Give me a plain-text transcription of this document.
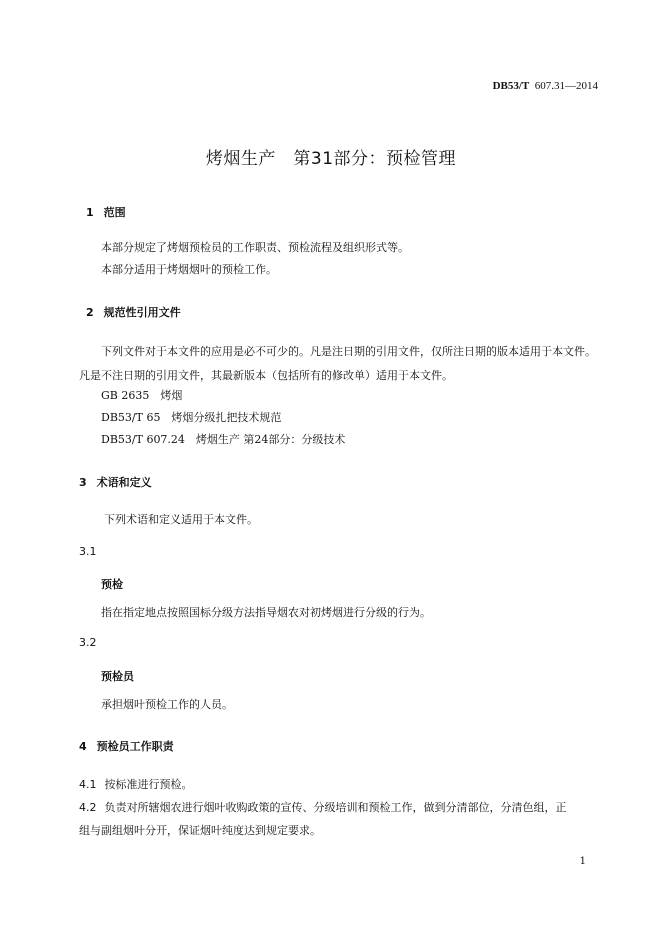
DB53/T 607.31—2014
烤烟生产　第31部分：预检管理
1 范围
本部分规定了烤烟预检员的工作职责、预检流程及组织形式等。
本部分适用于烤烟烟叶的预检工作。
2 规范性引用文件
下列文件对于本文件的应用是必不可少的。凡是注日期的引用文件，仅所注日期的版本适用于本文件。凡是不注日期的引用文件，其最新版本（包括所有的修改单）适用于本文件。
GB 2635　烤烟
DB53/T 65　烤烟分级扎把技术规范
DB53/T 607.24　烤烟生产 第24部分：分级技术
3 术语和定义
下列术语和定义适用于本文件。
3.1
预检
指在指定地点按照国标分级方法指导烟农对初烤烟进行分级的行为。
3.2
预检员
承担烟叶预检工作的人员。
4 预检员工作职责
4.1 按标准进行预检。
4.2 负责对所辖烟农进行烟叶收购政策的宣传、分级培训和预检工作，做到分清部位，分清色组，正
组与副组烟叶分开，保证烟叶纯度达到规定要求。
1
